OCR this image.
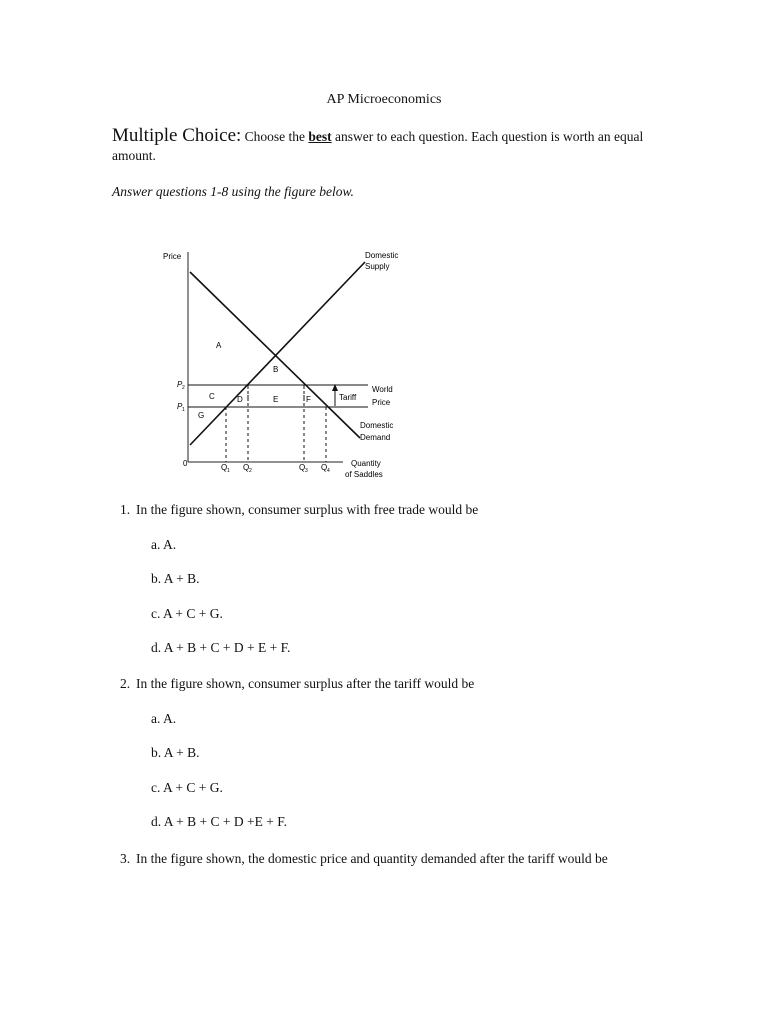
AP Microeconomics
Multiple Choice: Choose the best answer to each question. Each question is worth an equal amount.
Answer questions 1-8 using the figure below.
Price
0	Quantity
of Saddles
Domestic
Supply
World
Price
Tariff
Domestic
Demand
P 2
P 1
Q 1 Q 2	Q 3 Q 4
A
B
C	D	E	F
G
1. In the figure shown, consumer surplus with free trade would be
a. A.
b. A + B.
c. A + C + G.
d. A + B + C + D + E + F.
2. In the figure shown, consumer surplus after the tariff would be
a. A.
b. A + B.
c. A + C + G.
d. A + B + C + D +E + F.
3. In the figure shown, the domestic price and quantity demanded after the tariff would be
